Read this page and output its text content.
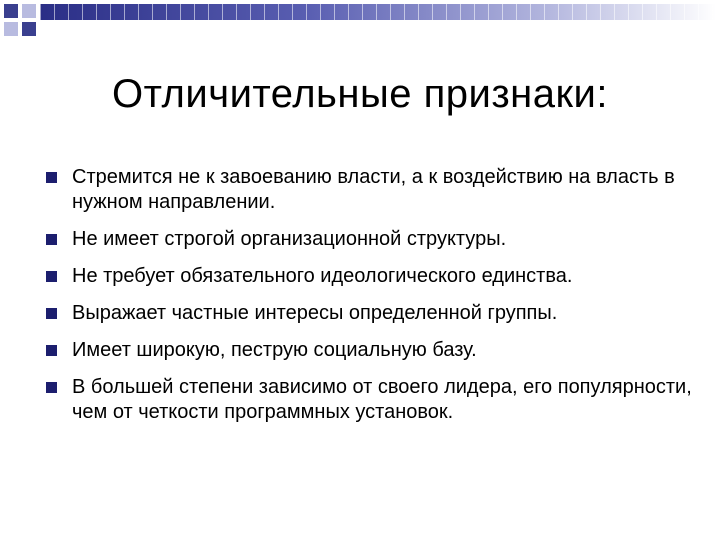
Отличительные признаки:
Стремится не к завоеванию власти, а к воздействию на власть в нужном направлении.
Не имеет строгой организационной структуры.
Не требует обязательного идеологического единства.
Выражает частные интересы определенной группы.
Имеет широкую, пеструю социальную базу.
В большей степени зависимо от своего лидера, его популярности, чем от четкости программных установок.
